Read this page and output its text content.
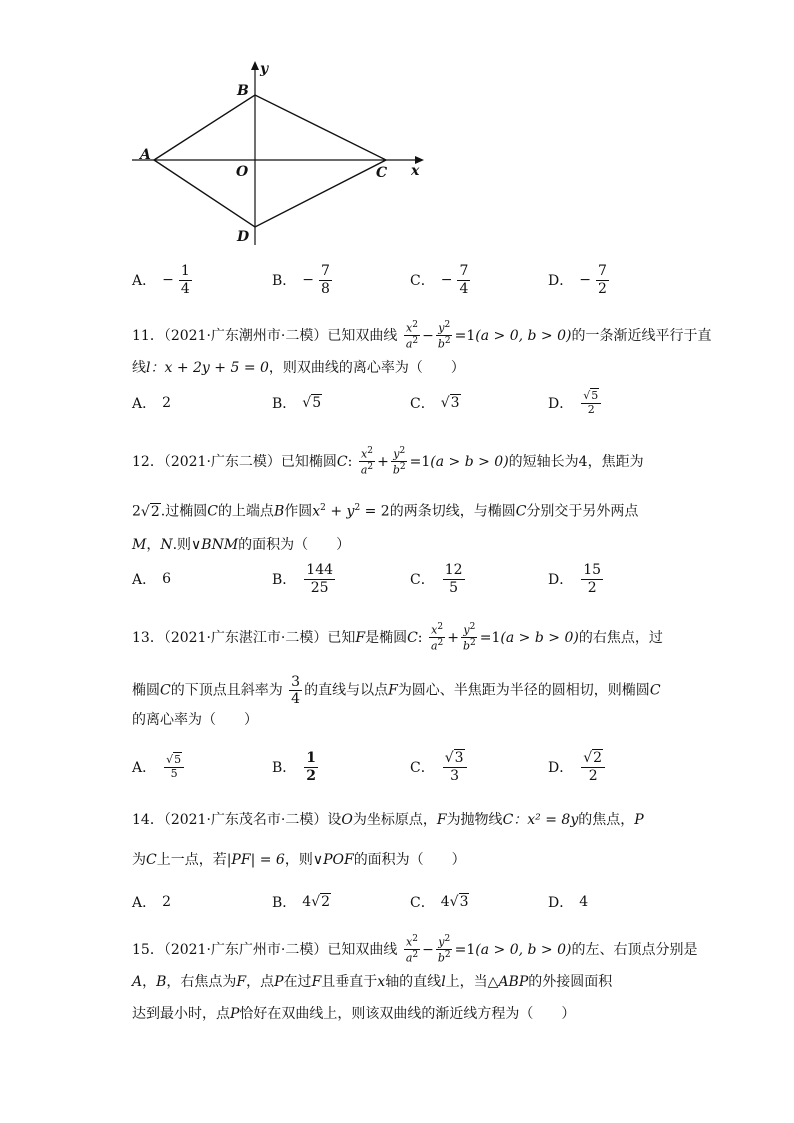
y
x
A
B
C
D
O
A． − $\frac{1}{4}$	B． − $\frac{7}{8}$	C． − $\frac{7}{4}$	D． − $\frac{7}{2}$
11．（2021·广东潮州市·二模）已知双曲线 $\frac{x^2}{a^2} - \frac{y^2}{b^2} =1(a > 0$, b > 0)的一条渐近线平行于直
线l：x + 2y + 5 = 0，则双曲线的离心率为（　　）
A． 2	B． √5	C． √3	D． $\frac{√5}{2}$
12．（2021·广东二模）已知椭圆C: $\frac{x^2}{a^2} + \frac{y^2}{b^2} =1(a > b > 0)$的短轴长为4，焦距为
2√2.过椭圆C的上端点B作圆$x^2 + y^2 = 2$的两条切线，与椭圆C分别交于另外两点
M，N.则∨BNM的面积为（　　）
A． 6	B． $\frac{144}{25}$	C． $\frac{12}{5}$	D． $\frac{15}{2}$
13．（2021·广东湛江市·二模）已知F是椭圆C: $\frac{x^2}{a^2} + \frac{y^2}{b^2} =1(a > b > 0)$的右焦点，过
椭圆C的下顶点且斜率为 $\frac{3}{4}$ 的直线与以点F为圆心、半焦距为半径的圆相切，则椭圆C
的离心率为（　　）
A． $\frac{√5}{5}$	B． $\frac{1}{2}$	C． $\frac{√3}{3}$	D． $\frac{√2}{2}$
14．（2021·广东茂名市·二模）设O为坐标原点，F为抛物线C：x² = 8y的焦点，P
为C上一点，若|PF| = 6，则∨POF的面积为（　　）
A． 2	B． 4 √2	C． 4 √3	D． 4
15．（2021·广东广州市·二模）已知双曲线 $\frac{x^2}{a^2} - \frac{y^2}{b^2} =1(a > 0$, b > 0)的左、右顶点分别是
A，B，右焦点为F，点P在过F且垂直于x轴的直线l上，当△ABP的外接圆面积
达到最小时，点P恰好在双曲线上，则该双曲线的渐近线方程为（　　）
